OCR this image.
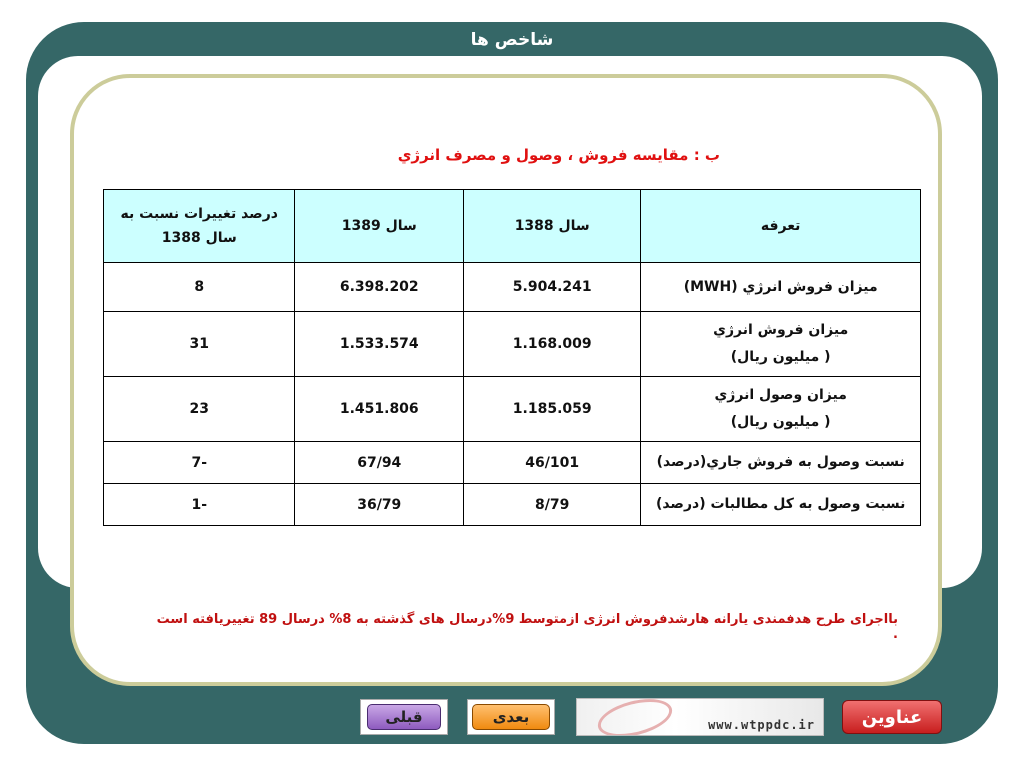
شاخص ها
ب : مقايسه فروش ، وصول و مصرف انرژي
تعرفه	سال 1388	سال 1389	درصد تغييرات نسبت به سال 1388

ميزان فروش انرژي (MWH)	5.904.241	6.398.202	8

ميزان فروش انرژي
( ميليون ريال)	1.168.009	1.533.574	31

ميزان وصول انرژي
( ميليون ريال)	1.185.059	1.451.806	23

نسبت وصول به فروش جاري(درصد)	46/101	67/94	-7

نسبت وصول به كل مطالبات (درصد)	8/79	36/79	-1
بااجرای طرح هدفمندی یارانه هارشدفروش انرژی ازمتوسط 9%درسال های گذشته به 8% درسال 89 تغییریافته است .
قبلی	بعدی	www.wtppdc.ir	عناوین
